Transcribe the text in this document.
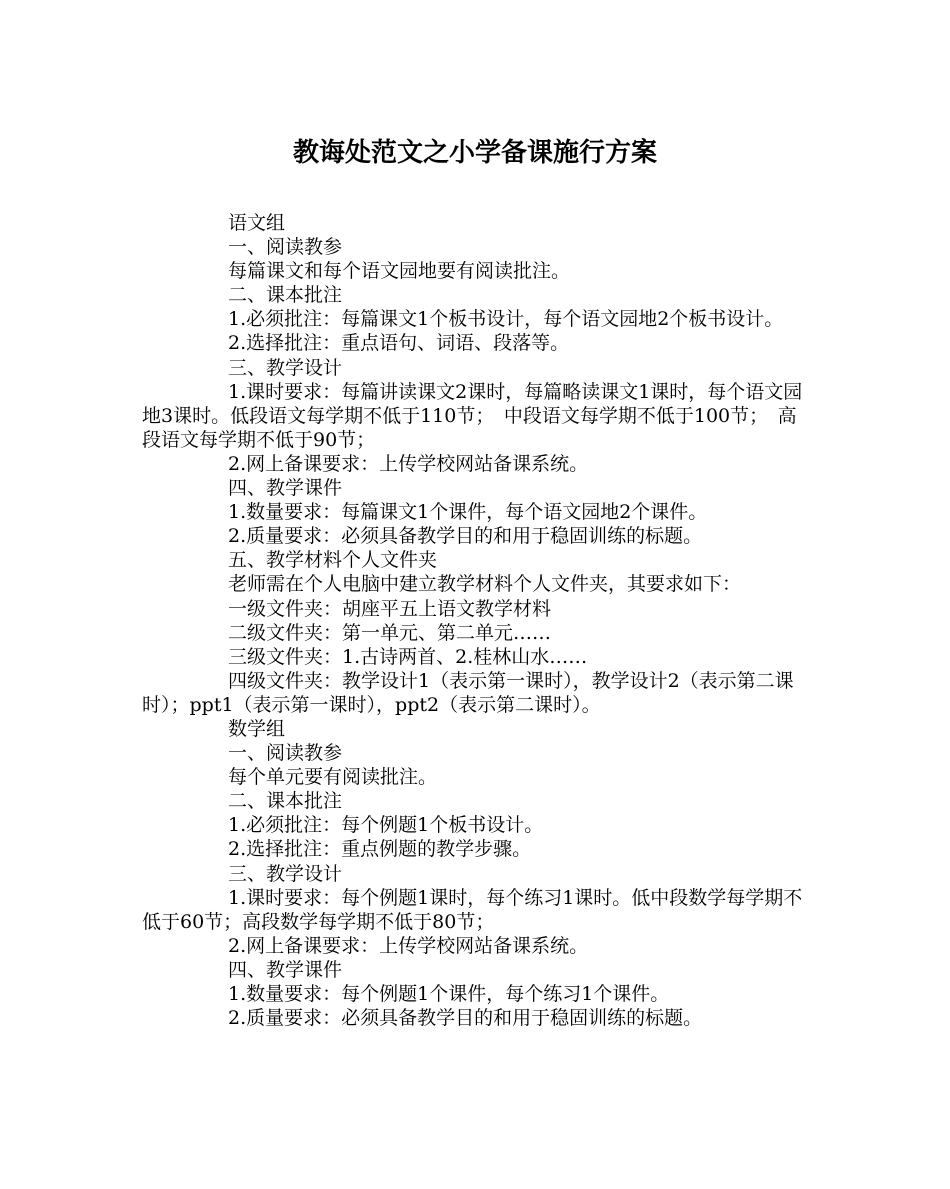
教诲处范文之小学备课施行方案

语文组

一、阅读教参

每篇课文和每个语文园地要有阅读批注。

二、课本批注

1.必须批注：每篇课文1个板书设计，每个语文园地2个板书设计。

2.选择批注：重点语句、词语、段落等。

三、教学设计

1.课时要求：每篇讲读课文2课时，每篇略读课文1课时，每个语文园地3课时。低段语文每学期不低于110节；　中段语文每学期不低于100节；　高段语文每学期不低于90节；

2.网上备课要求：上传学校网站备课系统。

四、教学课件

1.数量要求：每篇课文1个课件，每个语文园地2个课件。

2.质量要求：必须具备教学目的和用于稳固训练的标题。

五、教学材料个人文件夹

老师需在个人电脑中建立教学材料个人文件夹，其要求如下：

一级文件夹：胡座平五上语文教学材料

二级文件夹：第一单元、第二单元……

三级文件夹：1.古诗两首、2.桂林山水……

四级文件夹：教学设计1（表示第一课时），教学设计2（表示第二课时）；ppt1（表示第一课时），ppt2（表示第二课时）。

数学组

一、阅读教参

每个单元要有阅读批注。

二、课本批注

1.必须批注：每个例题1个板书设计。

2.选择批注：重点例题的教学步骤。

三、教学设计

1.课时要求：每个例题1课时，每个练习1课时。低中段数学每学期不低于60节；高段数学每学期不低于80节；

2.网上备课要求：上传学校网站备课系统。

四、教学课件

1.数量要求：每个例题1个课件，每个练习1个课件。

2.质量要求：必须具备教学目的和用于稳固训练的标题。
